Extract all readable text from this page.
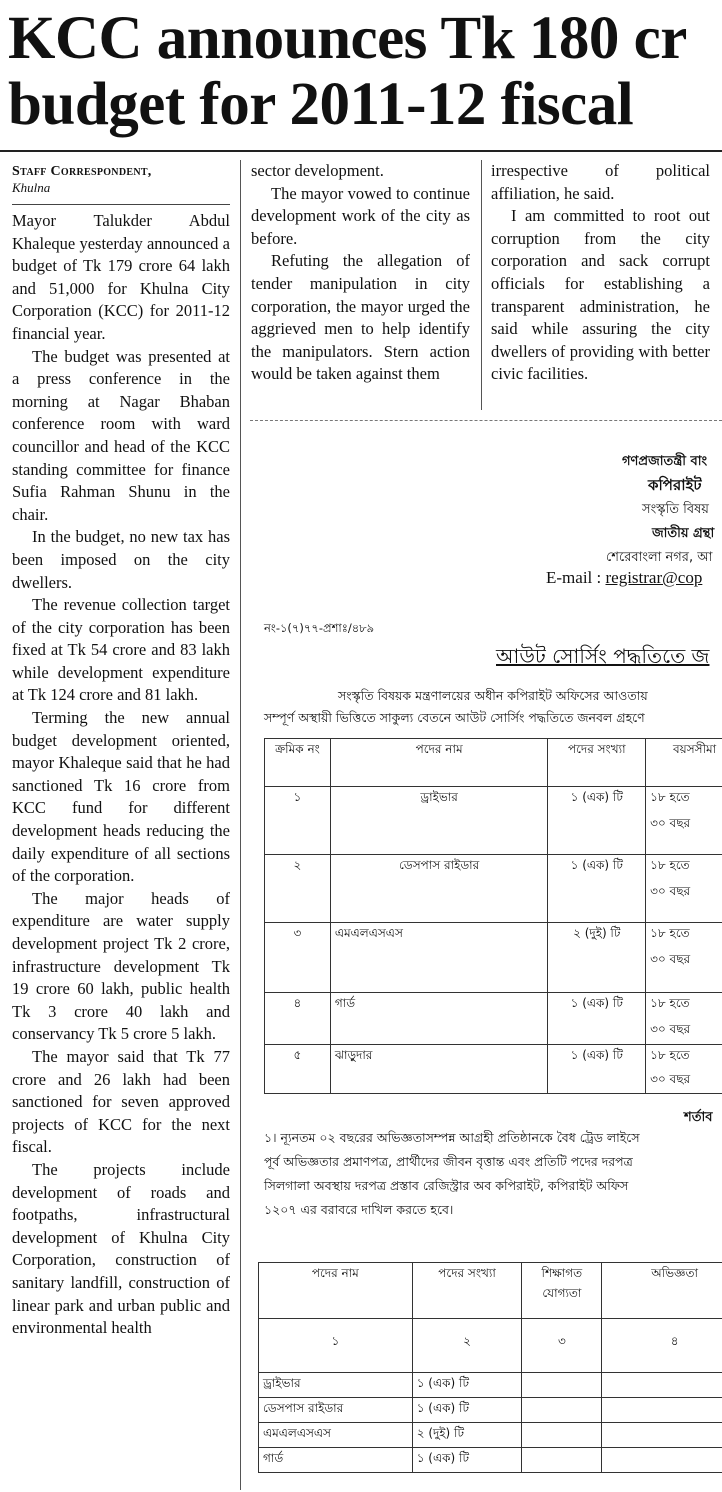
KCC announces Tk 180 cr
budget for 2011-12 fiscal
Staff Correspondent,
Khulna

Mayor Talukder Abdul Khaleque yesterday announced a budget of Tk 179 crore 64 lakh and 51,000 for Khulna City Corporation (KCC) for 2011-12 financial year.

The budget was presented at a press conference in the morning at Nagar Bhaban conference room with ward councillor and head of the KCC standing committee for finance Sufia Rahman Shunu in the chair.

In the budget, no new tax has been imposed on the city dwellers.

The revenue collection target of the city corporation has been fixed at Tk 54 crore and 83 lakh while development expenditure at Tk 124 crore and 81 lakh.

Terming the new annual budget development oriented, mayor Khaleque said that he had sanctioned Tk 16 crore from KCC fund for different development heads reducing the daily expenditure of all sections of the corporation.

The major heads of expenditure are water supply development project Tk 2 crore, infrastructure development Tk 19 crore 60 lakh, public health Tk 3 crore 40 lakh and conservancy Tk 5 crore 5 lakh.

The mayor said that Tk 77 crore and 26 lakh had been sanctioned for seven approved projects of KCC for the next fiscal.

The projects include development of roads and footpaths, infrastructural development of Khulna City Corporation, construction of sanitary landfill, construction of linear park and urban public and environmental health

sector development.

The mayor vowed to continue development work of the city as before.

Refuting the allegation of tender manipulation in city corporation, the mayor urged the aggrieved men to help identify the manipulators. Stern action would be taken against them

irrespective of political affiliation, he said.

I am committed to root out corruption from the city corporation and sack corrupt officials for establishing a transparent administration, he said while assuring the city dwellers of providing with better civic facilities.

গণপ্রজাতন্ত্রী বাং
কপিরাইট
সংস্কৃতি বিষয়
জাতীয় গ্রন্থা
শেরেবাংলা নগর, আ
E-mail : registrar@cop
নং-১(৭)৭৭-প্রশাঃ/৪৮৯
আউট সোর্সিং পদ্ধতিতে জ
সংস্কৃতি বিষয়ক মন্ত্রণালয়ের অধীন কপিরাইট অফিসের আওতায়
সম্পূর্ণ অস্থায়ী ভিত্তিতে সাকুল্য বেতনে আউট সোর্সিং পদ্ধতিতে জনবল গ্রহণে
ক্রমিক নং	পদের নাম	পদের সংখ্যা	বয়সসীমা
১	ড্রাইভার	১ (এক) টি	১৮ হতে
৩০ বছর

২	ডেসপাস রাইডার	১ (এক) টি	১৮ হতে
৩০ বছর

৩	এমএলএসএস	২ (দুই) টি	১৮ হতে
৩০ বছর

৪	গার্ড	১ (এক) টি	১৮ হতে
৩০ বছর

৫	ঝাড়ুদার	১ (এক) টি	১৮ হতে
৩০ বছর
শর্তাব
১। ন্যূনতম ০২ বছরের অভিজ্ঞতাসম্পন্ন আগ্রহী প্রতিষ্ঠানকে বৈধ ট্রেড লাইসে
পূর্ব অভিজ্ঞতার প্রমাণপত্র, প্রার্থীদের জীবন বৃত্তান্ত এবং প্রতিটি পদের দরপত্র
সিলগালা অবস্থায় দরপত্র প্রস্তাব রেজিস্ট্রার অব কপিরাইট, কপিরাইট অফিস
১২০৭ এর বরাবরে দাখিল করতে হবে।
পদের নাম	পদের সংখ্যা	শিক্ষাগত যোগ্যতা	অভিজ্ঞতা
১	২	৩	৪
ড্রাইভার	১ (এক) টি		
ডেসপাস রাইডার	১ (এক) টি		
এমএলএসএস	২ (দুই) টি		
গার্ড	১ (এক) টি		
